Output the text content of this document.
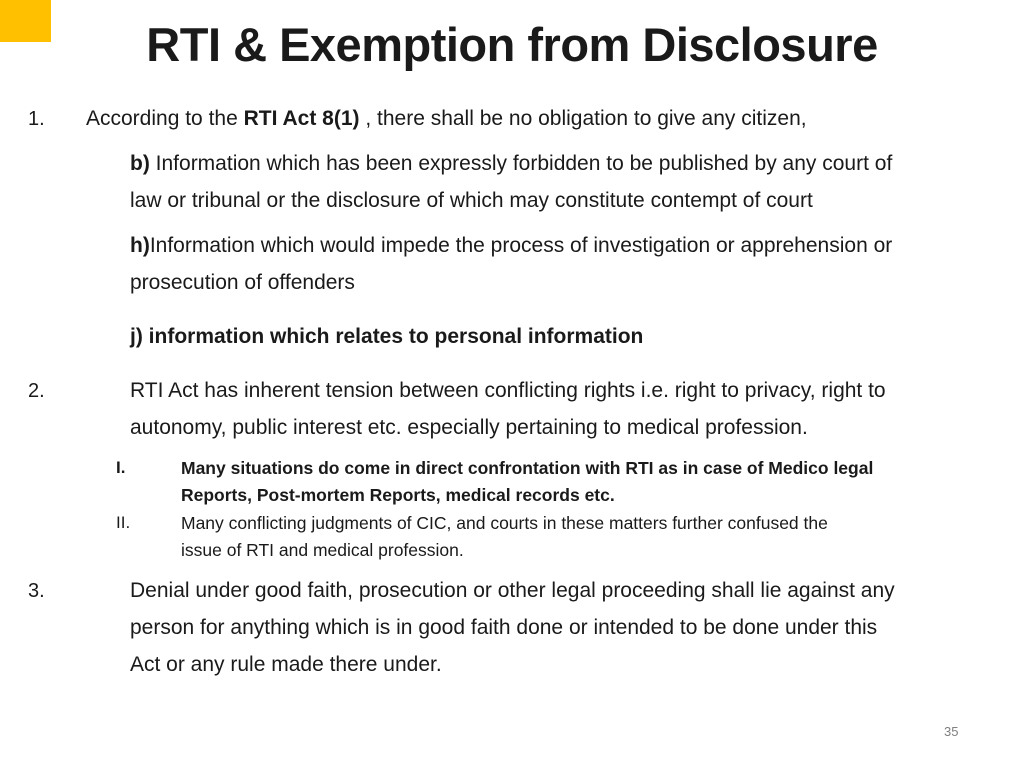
RTI & Exemption from Disclosure
1. According to the RTI Act 8(1) , there shall be no obligation to give any citizen,
b) Information which has been expressly forbidden to be published by any court of
law or tribunal or the disclosure of which may constitute contempt of court
h)Information which would impede the process of investigation or apprehension or
prosecution of offenders
j) information which relates to personal information
2.	RTI Act has inherent tension between conflicting rights i.e. right to privacy, right to
autonomy, public interest etc. especially pertaining to medical profession.
I.	Many situations do come in direct confrontation with RTI as in case of Medico legal
Reports, Post-mortem Reports, medical records etc.
II.	Many conflicting judgments of CIC, and courts in these matters further confused the
issue of RTI and medical profession.
3.	Denial under good faith, prosecution or other legal proceeding shall lie against any
person for anything which is in good faith done or intended to be done under this
Act or any rule made there under.
35
